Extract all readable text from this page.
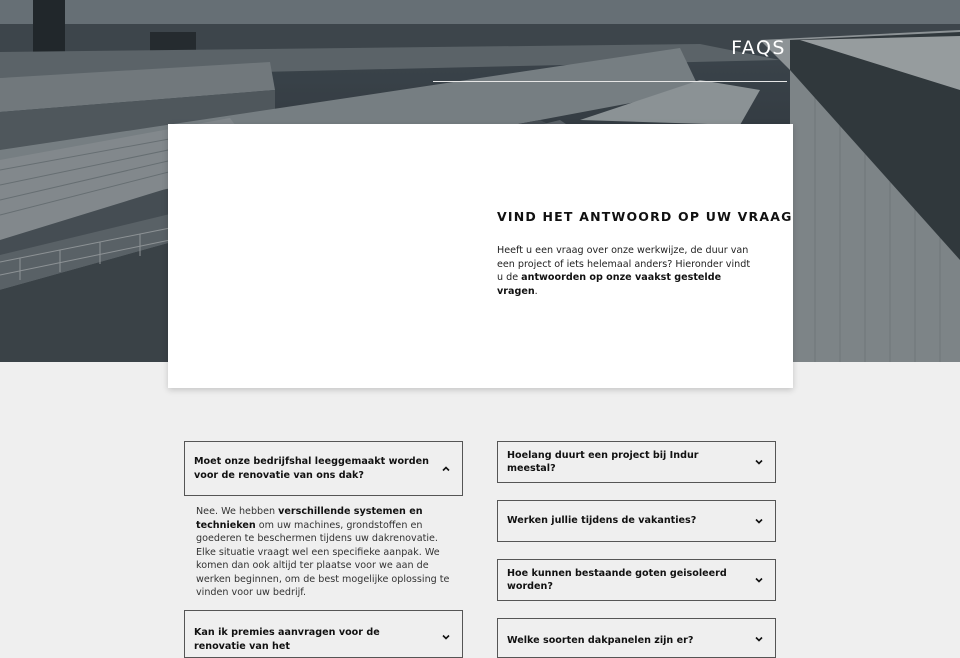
FAQS
VIND HET ANTWOORD OP UW VRAAG

Heeft u een vraag over onze werkwijze, de duur van een project of iets helemaal anders? Hieronder vindt u de antwoorden op onze vaakst gestelde vragen.

Moet onze bedrijfshal leeggemaakt worden voor de renovatie van ons dak?
Nee. We hebben verschillende systemen en technieken om uw machines, grondstoffen en goederen te beschermen tijdens uw dakrenovatie. Elke situatie vraagt wel een specifieke aanpak. We komen dan ook altijd ter plaatse voor we aan de werken beginnen, om de best mogelijke oplossing te vinden voor uw bedrijf.
Kan ik premies aanvragen voor de renovatie van het
Hoelang duurt een project bij Indur meestal?
Werken jullie tijdens de vakanties?
Hoe kunnen bestaande goten geisoleerd worden?
Welke soorten dakpanelen zijn er?
